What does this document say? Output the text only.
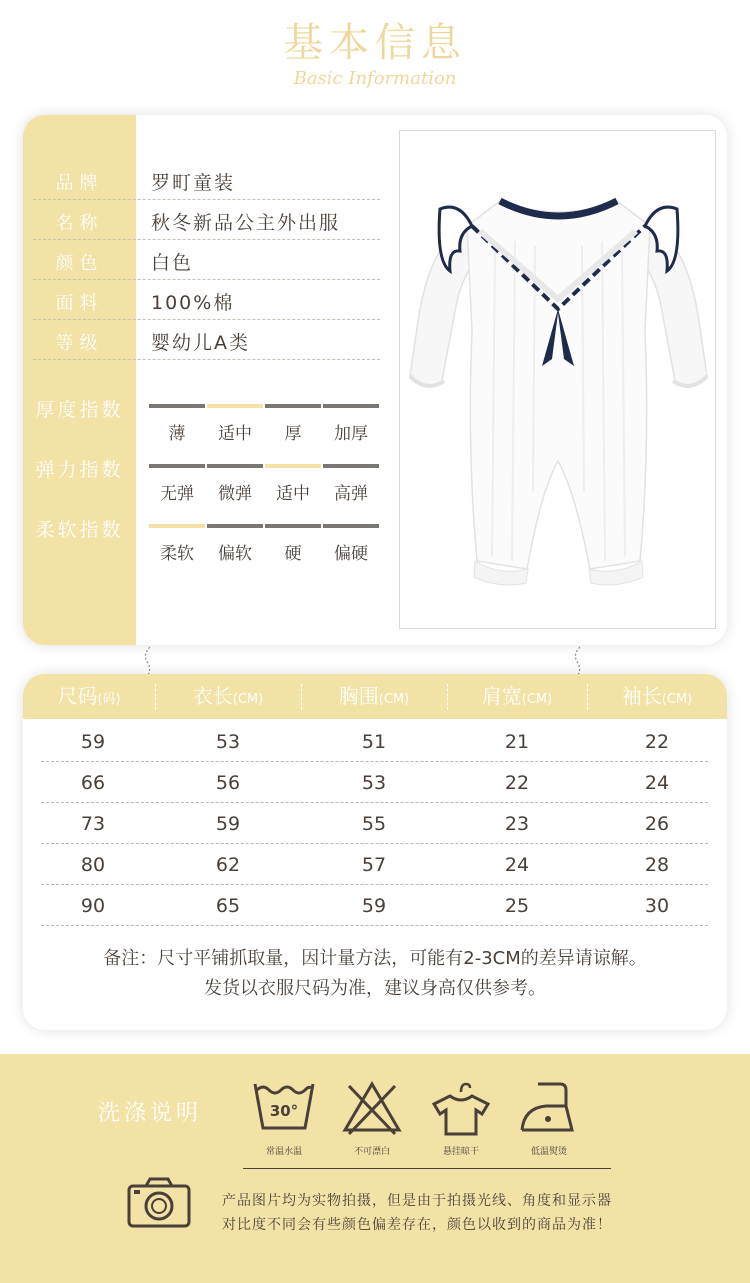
基本信息
Basic Information
品牌	罗町童装
名称	秋冬新品公主外出服
颜色	白色
面料	100%棉
等级	婴幼儿A类
厚度指数
薄	适中	厚	加厚
弹力指数
无弹	微弹	适中	高弹
柔软指数
柔软	偏软	硬	偏硬
尺码(码)	衣长(CM)	胸围(CM)	肩宽(CM)	袖长(CM)
59	53	51	21	22
66	56	53	22	24
73	59	55	23	26
80	62	57	24	28
90	65	59	25	30
备注：尺寸平铺抓取量，因计量方法，可能有2-3CM的差异请谅解。
发货以衣服尺码为准，建议身高仅供参考。
洗涤说明	30°
常温水温	不可漂白	悬挂晾干	低温熨烫
产品图片均为实物拍摄，但是由于拍摄光线、角度和显示器
对比度不同会有些颜色偏差存在，颜色以收到的商品为准！
